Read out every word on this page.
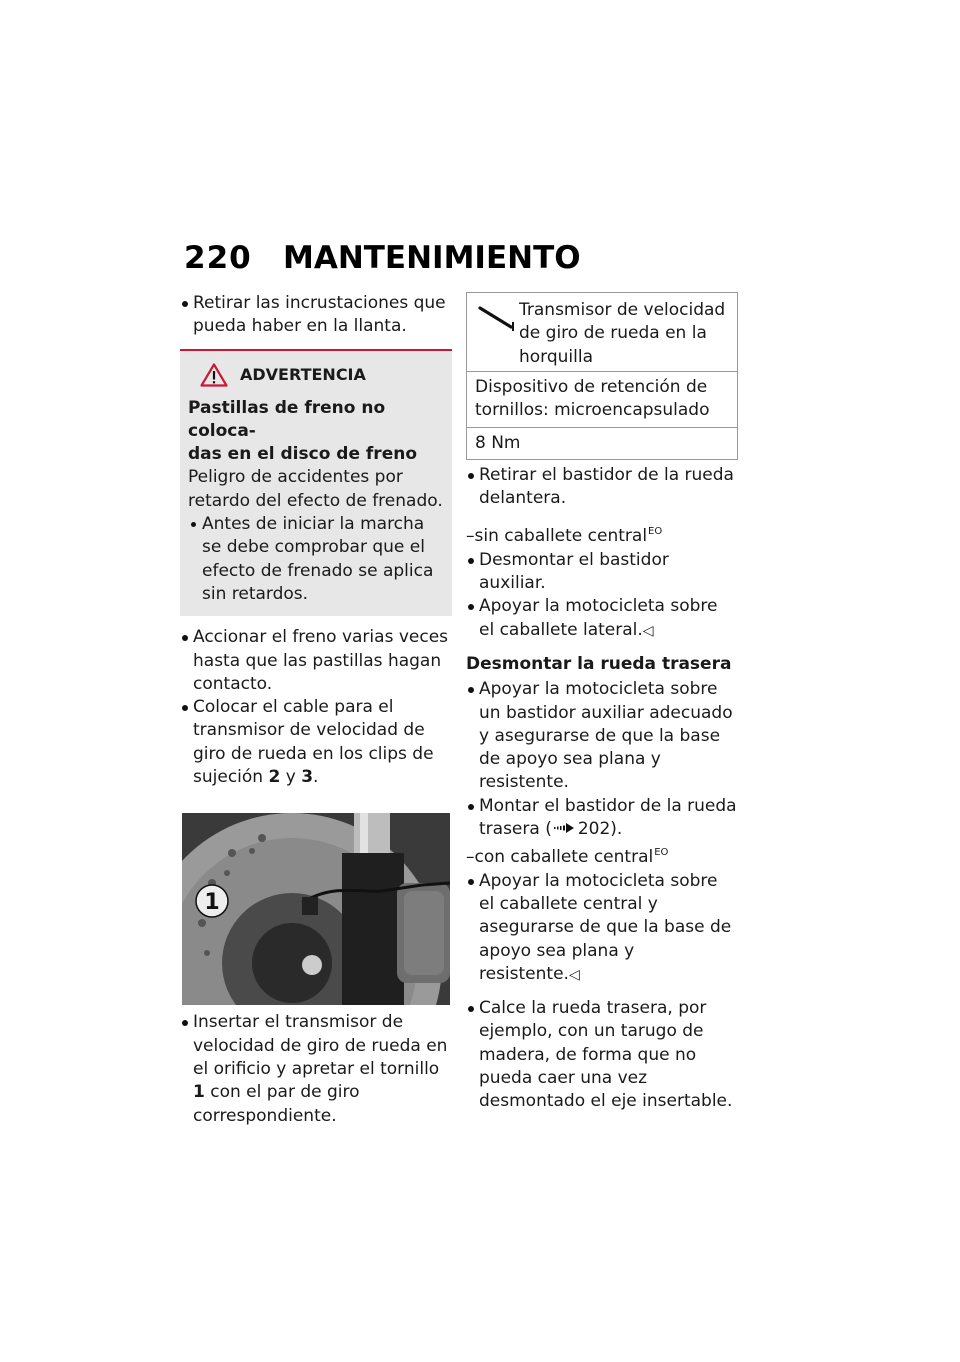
220 MANTENIMIENTO

Retirar las incrustaciones que pueda haber en la llanta.

ADVERTENCIA
Pastillas de freno no coloca-
das en el disco de freno

Peligro de accidentes por retardo del efecto de frenado.

Antes de iniciar la marcha se debe comprobar que el efecto de frenado se aplica sin retardos.

Accionar el freno varias veces hasta que las pastillas hagan contacto.

Colocar el cable para el transmisor de velocidad de giro de rueda en los clips de sujeción 2 y 3.

1

Insertar el transmisor de velocidad de giro de rueda en el orificio y apretar el tornillo 1 con el par de giro correspondiente.

Transmisor de velocidad de giro de rueda en la horquilla
Dispositivo de retención de tornillos: microencapsulado
8 Nm

Retirar el bastidor de la rueda delantera.

–sin caballete central$^{EO}$

Desmontar el bastidor auxiliar.

Apoyar la motocicleta sobre el caballete lateral.◁

Desmontar la rueda trasera

Apoyar la motocicleta sobre un bastidor auxiliar adecuado y asegurarse de que la base de apoyo sea plana y resistente.

Montar el bastidor de la rueda trasera ( 202).

–con caballete central$^{EO}$

Apoyar la motocicleta sobre el caballete central y asegurarse de que la base de apoyo sea plana y resistente.◁

Calce la rueda trasera, por ejemplo, con un tarugo de madera, de forma que no pueda caer una vez desmontado el eje insertable.
